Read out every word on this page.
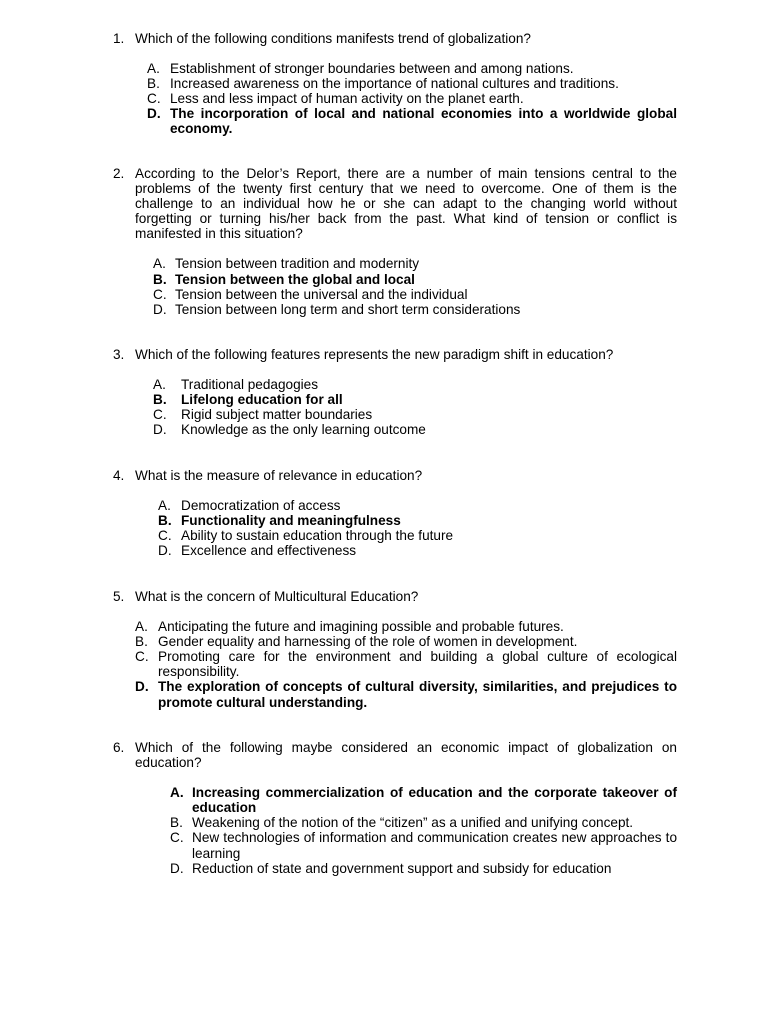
1. Which of the following conditions manifests trend of globalization?
A. Establishment of stronger boundaries between and among nations.
B. Increased awareness on the importance of national cultures and traditions.
C. Less and less impact of human activity on the planet earth.
D. The incorporation of local and national economies into a worldwide global economy.
2. According to the Delor’s Report, there are a number of main tensions central to the problems of the twenty first century that we need to overcome. One of them is the challenge to an individual how he or she can adapt to the changing world without forgetting or turning his/her back from the past. What kind of tension or conflict is manifested in this situation?
A. Tension between tradition and modernity
B. Tension between the global and local
C. Tension between the universal and the individual
D. Tension between long term and short term considerations
3. Which of the following features represents the new paradigm shift in education?
A. Traditional pedagogies
B. Lifelong education for all
C. Rigid subject matter boundaries
D. Knowledge as the only learning outcome
4. What is the measure of relevance in education?
A. Democratization of access
B. Functionality and meaningfulness
C. Ability to sustain education through the future
D. Excellence and effectiveness
5. What is the concern of Multicultural Education?
A. Anticipating the future and imagining possible and probable futures.
B. Gender equality and harnessing of the role of women in development.
C. Promoting care for the environment and building a global culture of ecological responsibility.
D. The exploration of concepts of cultural diversity, similarities, and prejudices to promote cultural understanding.
6. Which of the following maybe considered an economic impact of globalization on education?
A. Increasing commercialization of education and the corporate takeover of education
B. Weakening of the notion of the “citizen” as a unified and unifying concept.
C. New technologies of information and communication creates new approaches to learning
D. Reduction of state and government support and subsidy for education
